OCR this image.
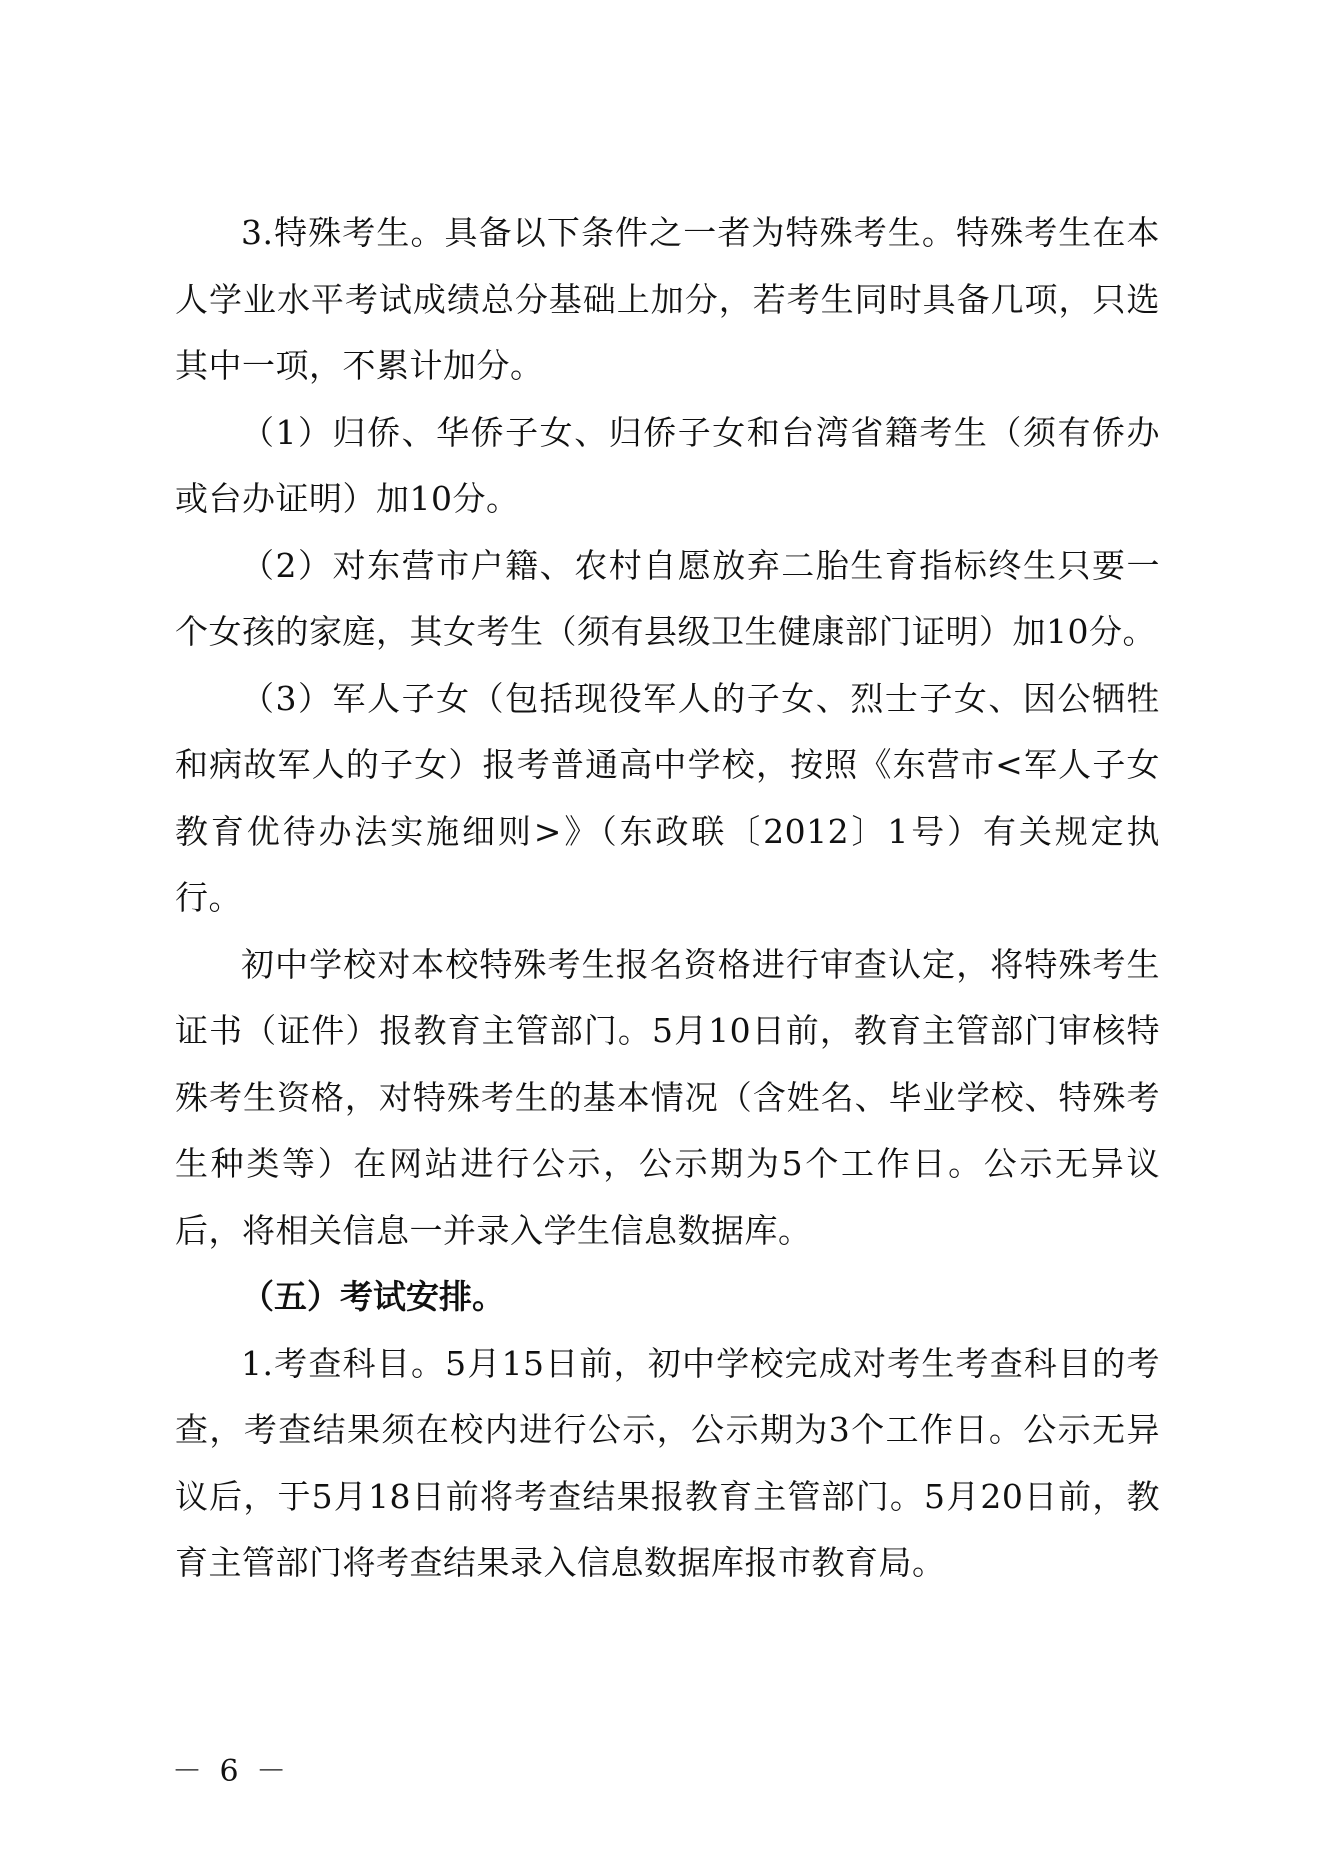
3.特殊考生。具备以下条件之一者为特殊考生。特殊考生在本人学业水平考试成绩总分基础上加分，若考生同时具备几项，只选其中一项，不累计加分。

（1）归侨、华侨子女、归侨子女和台湾省籍考生（须有侨办或台办证明）加10分。

（2）对东营市户籍、农村自愿放弃二胎生育指标终生只要一个女孩的家庭，其女考生（须有县级卫生健康部门证明）加10分。

（3）军人子女（包括现役军人的子女、烈士子女、因公牺牲和病故军人的子女）报考普通高中学校，按照《东营市<军人子女教育优待办法实施细则>》（东政联〔2012〕1号）有关规定执行。

初中学校对本校特殊考生报名资格进行审查认定，将特殊考生证书（证件）报教育主管部门。5月10日前，教育主管部门审核特殊考生资格，对特殊考生的基本情况（含姓名、毕业学校、特殊考生种类等）在网站进行公示，公示期为5个工作日。公示无异议后，将相关信息一并录入学生信息数据库。

（五）考试安排。

1.考查科目。5月15日前，初中学校完成对考生考查科目的考查，考查结果须在校内进行公示，公示期为3个工作日。公示无异议后，于5月18日前将考查结果报教育主管部门。5月20日前，教育主管部门将考查结果录入信息数据库报市教育局。

－ 6 －
